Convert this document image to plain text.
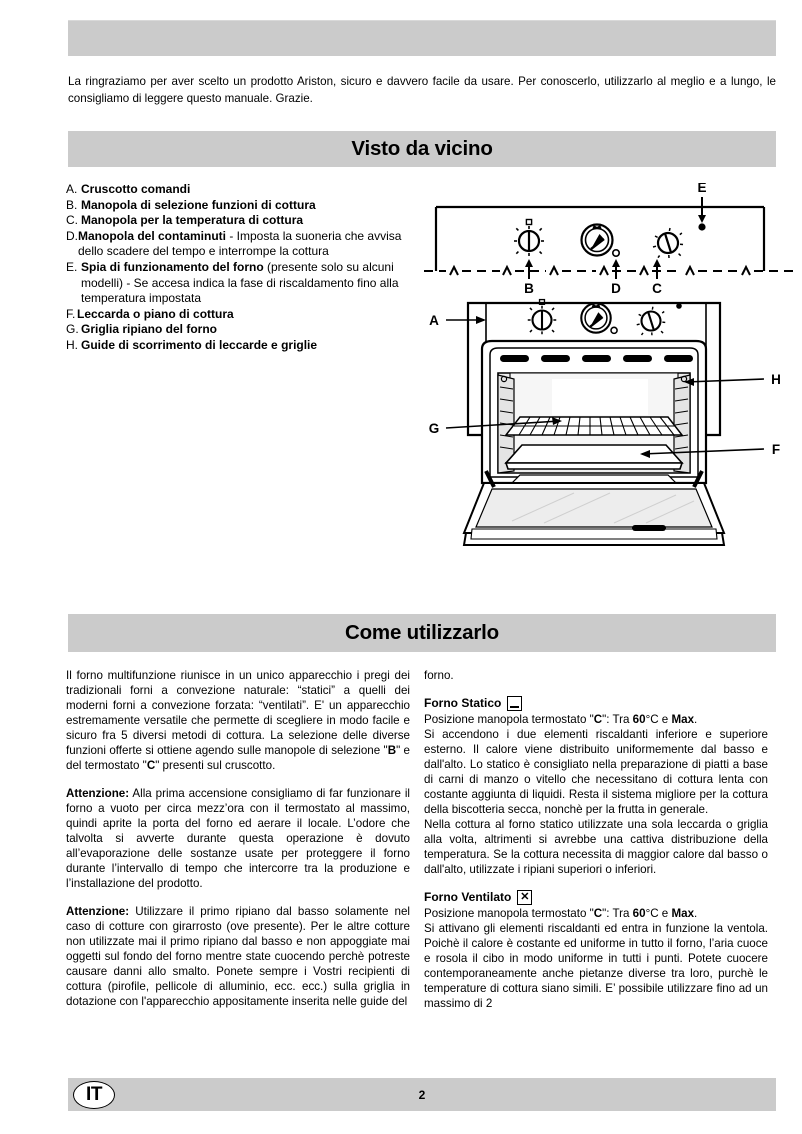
La ringraziamo per aver scelto un prodotto Ariston, sicuro e davvero facile da usare. Per conoscerlo, utilizzarlo al meglio e a lungo, le consigliamo di leggere questo manuale. Grazie.
Visto da vicino
A. Cruscotto comandi
B. Manopola di selezione funzioni di cottura
C. Manopola per la temperatura di cottura
D. Manopola del contaminuti - Imposta la suoneria che avvisa dello scadere del tempo e interrompe la cottura
E. Spia di funzionamento del forno (presente solo su alcuni modelli) - Se accesa indica la fase di riscaldamento fino alla temperatura impostata
F. Leccarda o piano di cottura
G. Griglia ripiano del forno
H. Guide di scorrimento di leccarde e griglie
E
B	D C
A
H
G
F
Come utilizzarlo

Il forno multifunzione riunisce in un unico apparecchio i pregi dei tradizionali forni a convezione naturale: “statici” a quelli dei moderni forni a convezione forzata: “ventilati”. E' un apparecchio estremamente versatile che permette di scegliere in modo facile e sicuro fra 5 diversi metodi di cottura. La selezione delle diverse funzioni offerte si ottiene agendo sulle manopole di selezione "B" e del termostato "C" presenti sul cruscotto.

Attenzione: Alla prima accensione consigliamo di far funzionare il forno a vuoto per circa mezz’ora con il termostato al massimo, quindi aprite la porta del forno ed aerare il locale. L’odore che talvolta si avverte durante questa operazione è dovuto all’evaporazione delle sostanze usate per proteggere il forno durante l’intervallo di tempo che intercorre tra la produzione e l’installazione del prodotto.

Attenzione: Utilizzare il primo ripiano dal basso solamente nel caso di cotture con girarrosto (ove presente). Per le altre cotture non utilizzate mai il primo ripiano dal basso e non appoggiate mai oggetti sul fondo del forno mentre state cuocendo perchè potreste causare danni allo smalto. Ponete sempre i Vostri recipienti di cottura (pirofile, pellicole di alluminio, ecc. ecc.) sulla griglia in dotazione con l'apparecchio appositamente inserita nelle guide del

forno.

Forno Statico

Posizione manopola termostato "C": Tra 60°C e Max.

Si accendono i due elementi riscaldanti inferiore e superiore esterno. Il calore viene distribuito uniformemente dal basso e dall'alto. Lo statico è consigliato nella preparazione di piatti a base di carni di manzo o vitello che necessitano di cottura lenta con costante aggiunta di liquidi. Resta il sistema migliore per la cottura della biscotteria secca, nonchè per la frutta in generale.

Nella cottura al forno statico utilizzate una sola leccarda o griglia alla volta, altrimenti si avrebbe una cattiva distribuzione della temperatura. Se la cottura necessita di maggior calore dal basso o dall'alto, utilizzate i ripiani superiori o inferiori.

Forno Ventilato ✕

Posizione manopola termostato "C": Tra 60°C e Max.

Si attivano gli elementi riscaldanti ed entra in funzione la ventola. Poichè il calore è costante ed uniforme in tutto il forno, l’aria cuoce e rosola il cibo in modo uniforme in tutti i punti. Potete cuocere contemporaneamente anche pietanze diverse tra loro, purchè le temperature di cottura siano simili. E’ possibile utilizzare fino ad un massimo di 2

2
IT
